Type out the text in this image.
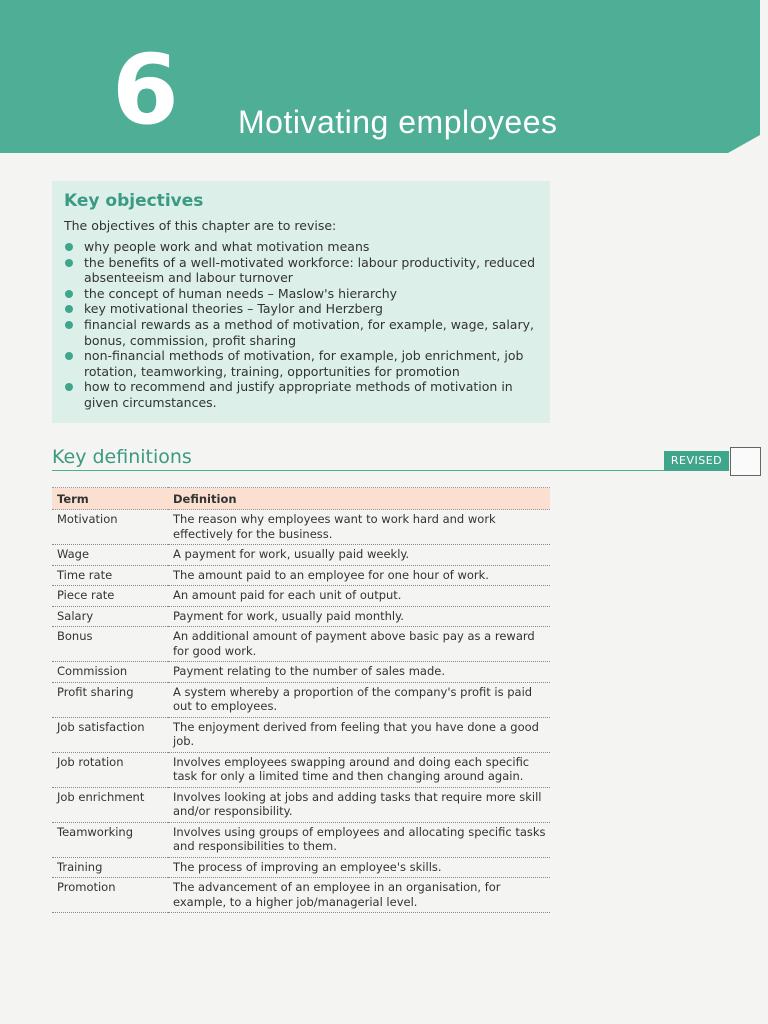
6 Motivating employees
Key objectives
The objectives of this chapter are to revise:
why people work and what motivation means
the benefits of a well-motivated workforce: labour productivity, reduced absenteeism and labour turnover
the concept of human needs – Maslow's hierarchy
key motivational theories – Taylor and Herzberg
financial rewards as a method of motivation, for example, wage, salary, bonus, commission, profit sharing
non-financial methods of motivation, for example, job enrichment, job rotation, teamworking, training, opportunities for promotion
how to recommend and justify appropriate methods of motivation in given circumstances.
Key definitions	REVISED
Term	Definition
Motivation	The reason why employees want to work hard and work effectively for the business.
Wage	A payment for work, usually paid weekly.
Time rate	The amount paid to an employee for one hour of work.
Piece rate	An amount paid for each unit of output.
Salary	Payment for work, usually paid monthly.
Bonus	An additional amount of payment above basic pay as a reward for good work.
Commission	Payment relating to the number of sales made.
Profit sharing	A system whereby a proportion of the company's profit is paid out to employees.
Job satisfaction	The enjoyment derived from feeling that you have done a good job.
Job rotation	Involves employees swapping around and doing each specific task for only a limited time and then changing around again.
Job enrichment	Involves looking at jobs and adding tasks that require more skill and/or responsibility.
Teamworking	Involves using groups of employees and allocating specific tasks and responsibilities to them.
Training	The process of improving an employee's skills.
Promotion	The advancement of an employee in an organisation, for example, to a higher job/managerial level.
